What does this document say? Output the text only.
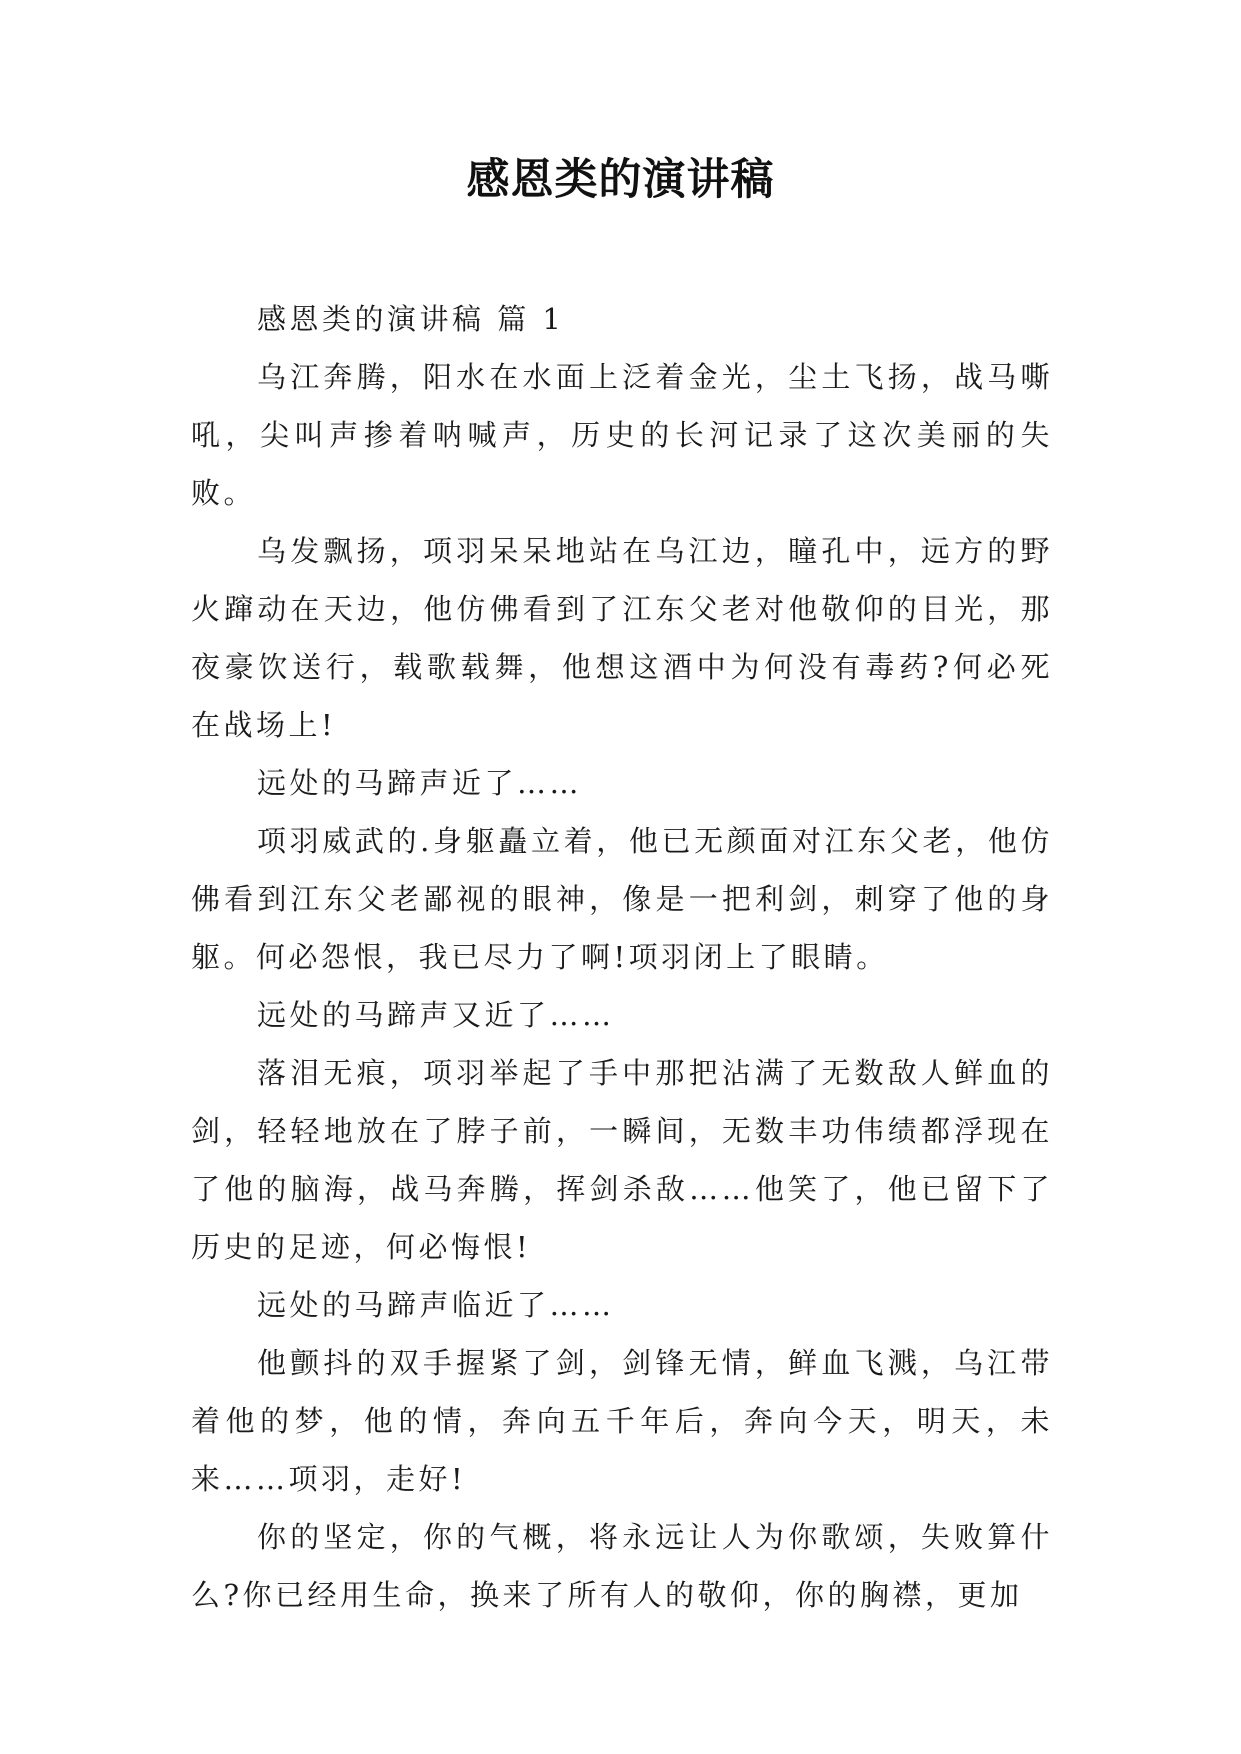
感恩类的演讲稿

感恩类的演讲稿 篇 1

乌江奔腾，阳水在水面上泛着金光，尘土飞扬，战马嘶吼，尖叫声掺着呐喊声，历史的长河记录了这次美丽的失败。

乌发飘扬，项羽呆呆地站在乌江边，瞳孔中，远方的野火蹿动在天边，他仿佛看到了江东父老对他敬仰的目光，那夜豪饮送行，载歌载舞，他想这酒中为何没有毒药?何必死在战场上!

远处的马蹄声近了……

项羽威武的.身躯矗立着，他已无颜面对江东父老，他仿佛看到江东父老鄙视的眼神，像是一把利剑，刺穿了他的身躯。何必怨恨，我已尽力了啊!项羽闭上了眼睛。

远处的马蹄声又近了……

落泪无痕，项羽举起了手中那把沾满了无数敌人鲜血的剑，轻轻地放在了脖子前，一瞬间，无数丰功伟绩都浮现在了他的脑海，战马奔腾，挥剑杀敌……他笑了，他已留下了历史的足迹，何必悔恨!

远处的马蹄声临近了……

他颤抖的双手握紧了剑，剑锋无情，鲜血飞溅，乌江带着他的梦，他的情，奔向五千年后，奔向今天，明天，未来……项羽，走好!

你的坚定，你的气概，将永远让人为你歌颂，失败算什么?你已经用生命，换来了所有人的敬仰，你的胸襟，更加
